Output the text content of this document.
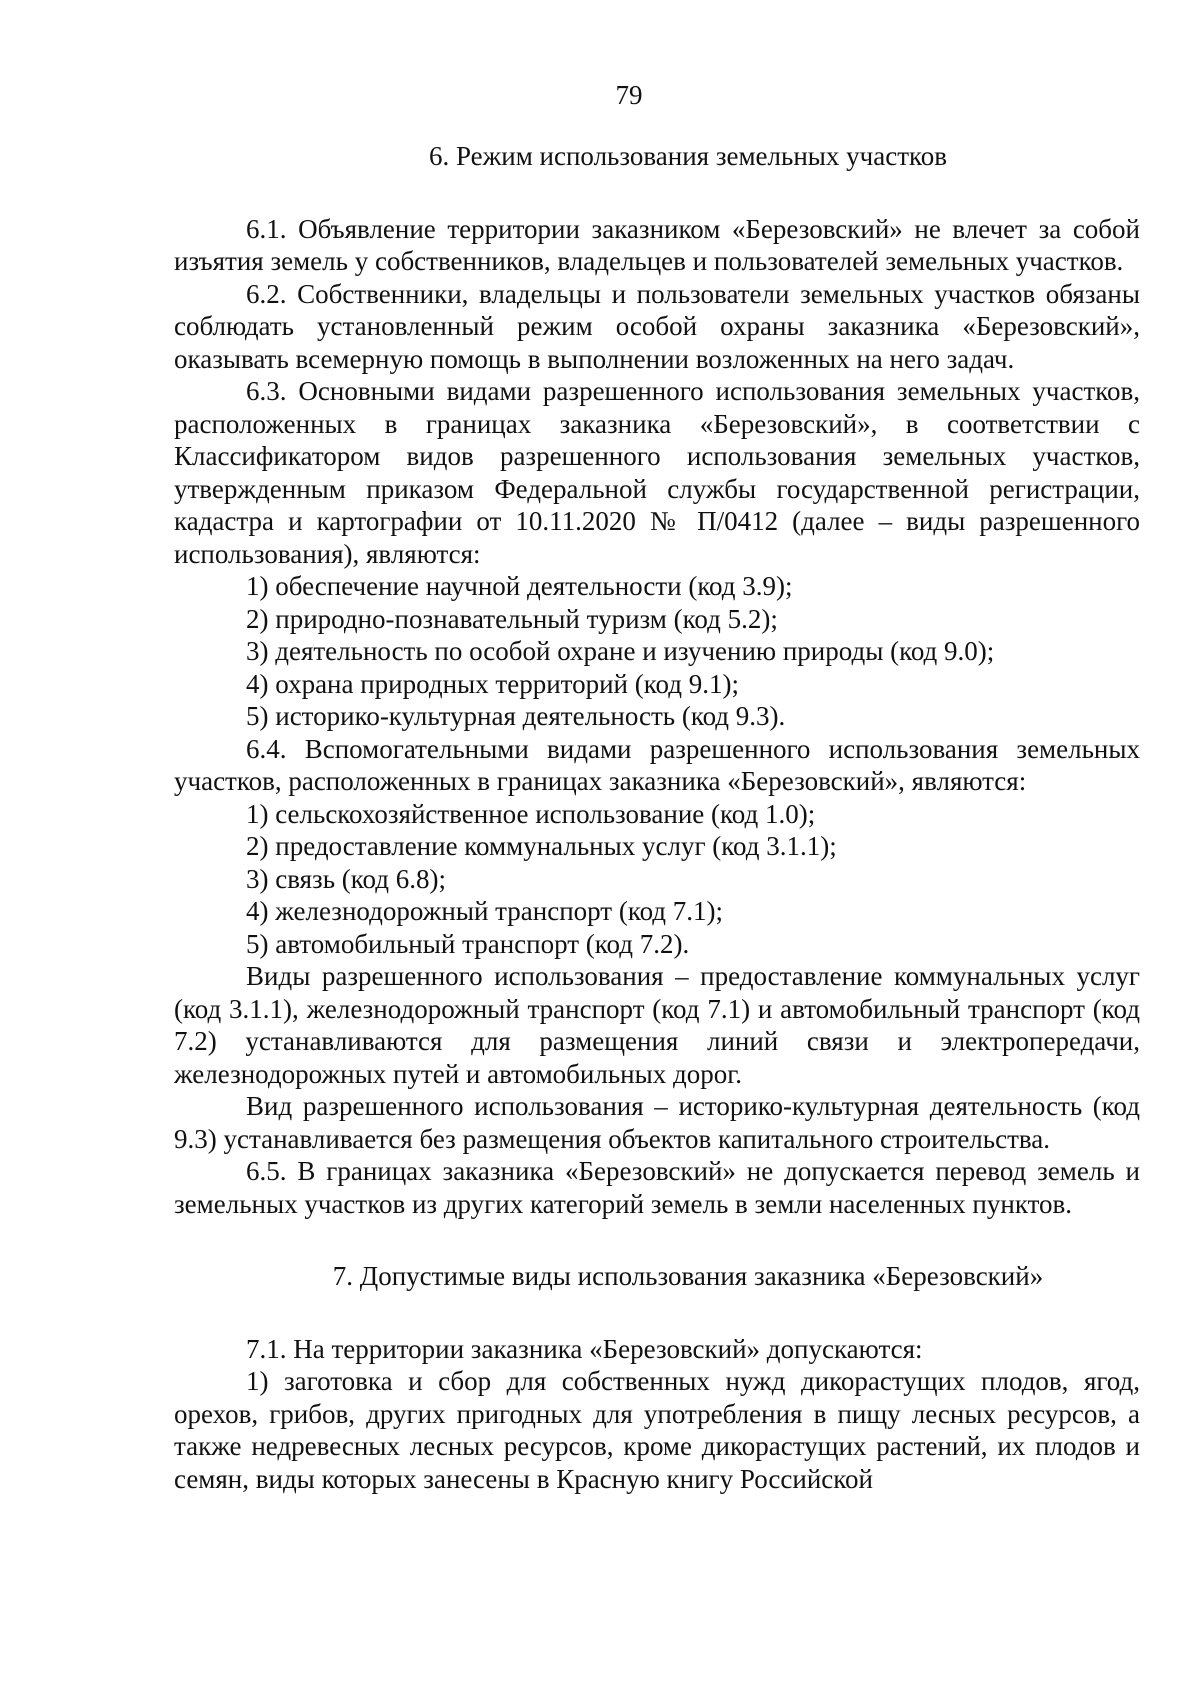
79
6. Режим использования земельных участков

6.1. Объявление территории заказником «Березовский» не влечет за собой изъятия земель у собственников, владельцев и пользователей земельных участков.

6.2. Собственники, владельцы и пользователи земельных участков обязаны соблюдать установленный режим особой охраны заказника «Березовский», оказывать всемерную помощь в выполнении возложенных на него задач.

6.3. Основными видами разрешенного использования земельных участков, расположенных в границах заказника «Березовский», в соответствии с Классификатором видов разрешенного использования земельных участков, утвержденным приказом Федеральной службы государственной регистрации, кадастра и картографии от 10.11.2020 № П/0412 (далее – виды разрешенного использования), являются:

1) обеспечение научной деятельности (код 3.9);

2) природно-познавательный туризм (код 5.2);

3) деятельность по особой охране и изучению природы (код 9.0);

4) охрана природных территорий (код 9.1);

5) историко-культурная деятельность (код 9.3).

6.4. Вспомогательными видами разрешенного использования земельных участков, расположенных в границах заказника «Березовский», являются:

1) сельскохозяйственное использование (код 1.0);

2) предоставление коммунальных услуг (код 3.1.1);

3) связь (код 6.8);

4) железнодорожный транспорт (код 7.1);

5) автомобильный транспорт (код 7.2).

Виды разрешенного использования – предоставление коммунальных услуг (код 3.1.1), железнодорожный транспорт (код 7.1) и автомобильный транспорт (код 7.2) устанавливаются для размещения линий связи и электропередачи, железнодорожных путей и автомобильных дорог.

Вид разрешенного использования – историко-культурная деятельность (код 9.3) устанавливается без размещения объектов капитального строительства.

6.5. В границах заказника «Березовский» не допускается перевод земель и земельных участков из других категорий земель в земли населенных пунктов.

7. Допустимые виды использования заказника «Березовский»

7.1. На территории заказника «Березовский» допускаются:

1) заготовка и сбор для собственных нужд дикорастущих плодов, ягод, орехов, грибов, других пригодных для употребления в пищу лесных ресурсов, а также недревесных лесных ресурсов, кроме дикорастущих растений, их плодов и семян, виды которых занесены в Красную книгу Российской
